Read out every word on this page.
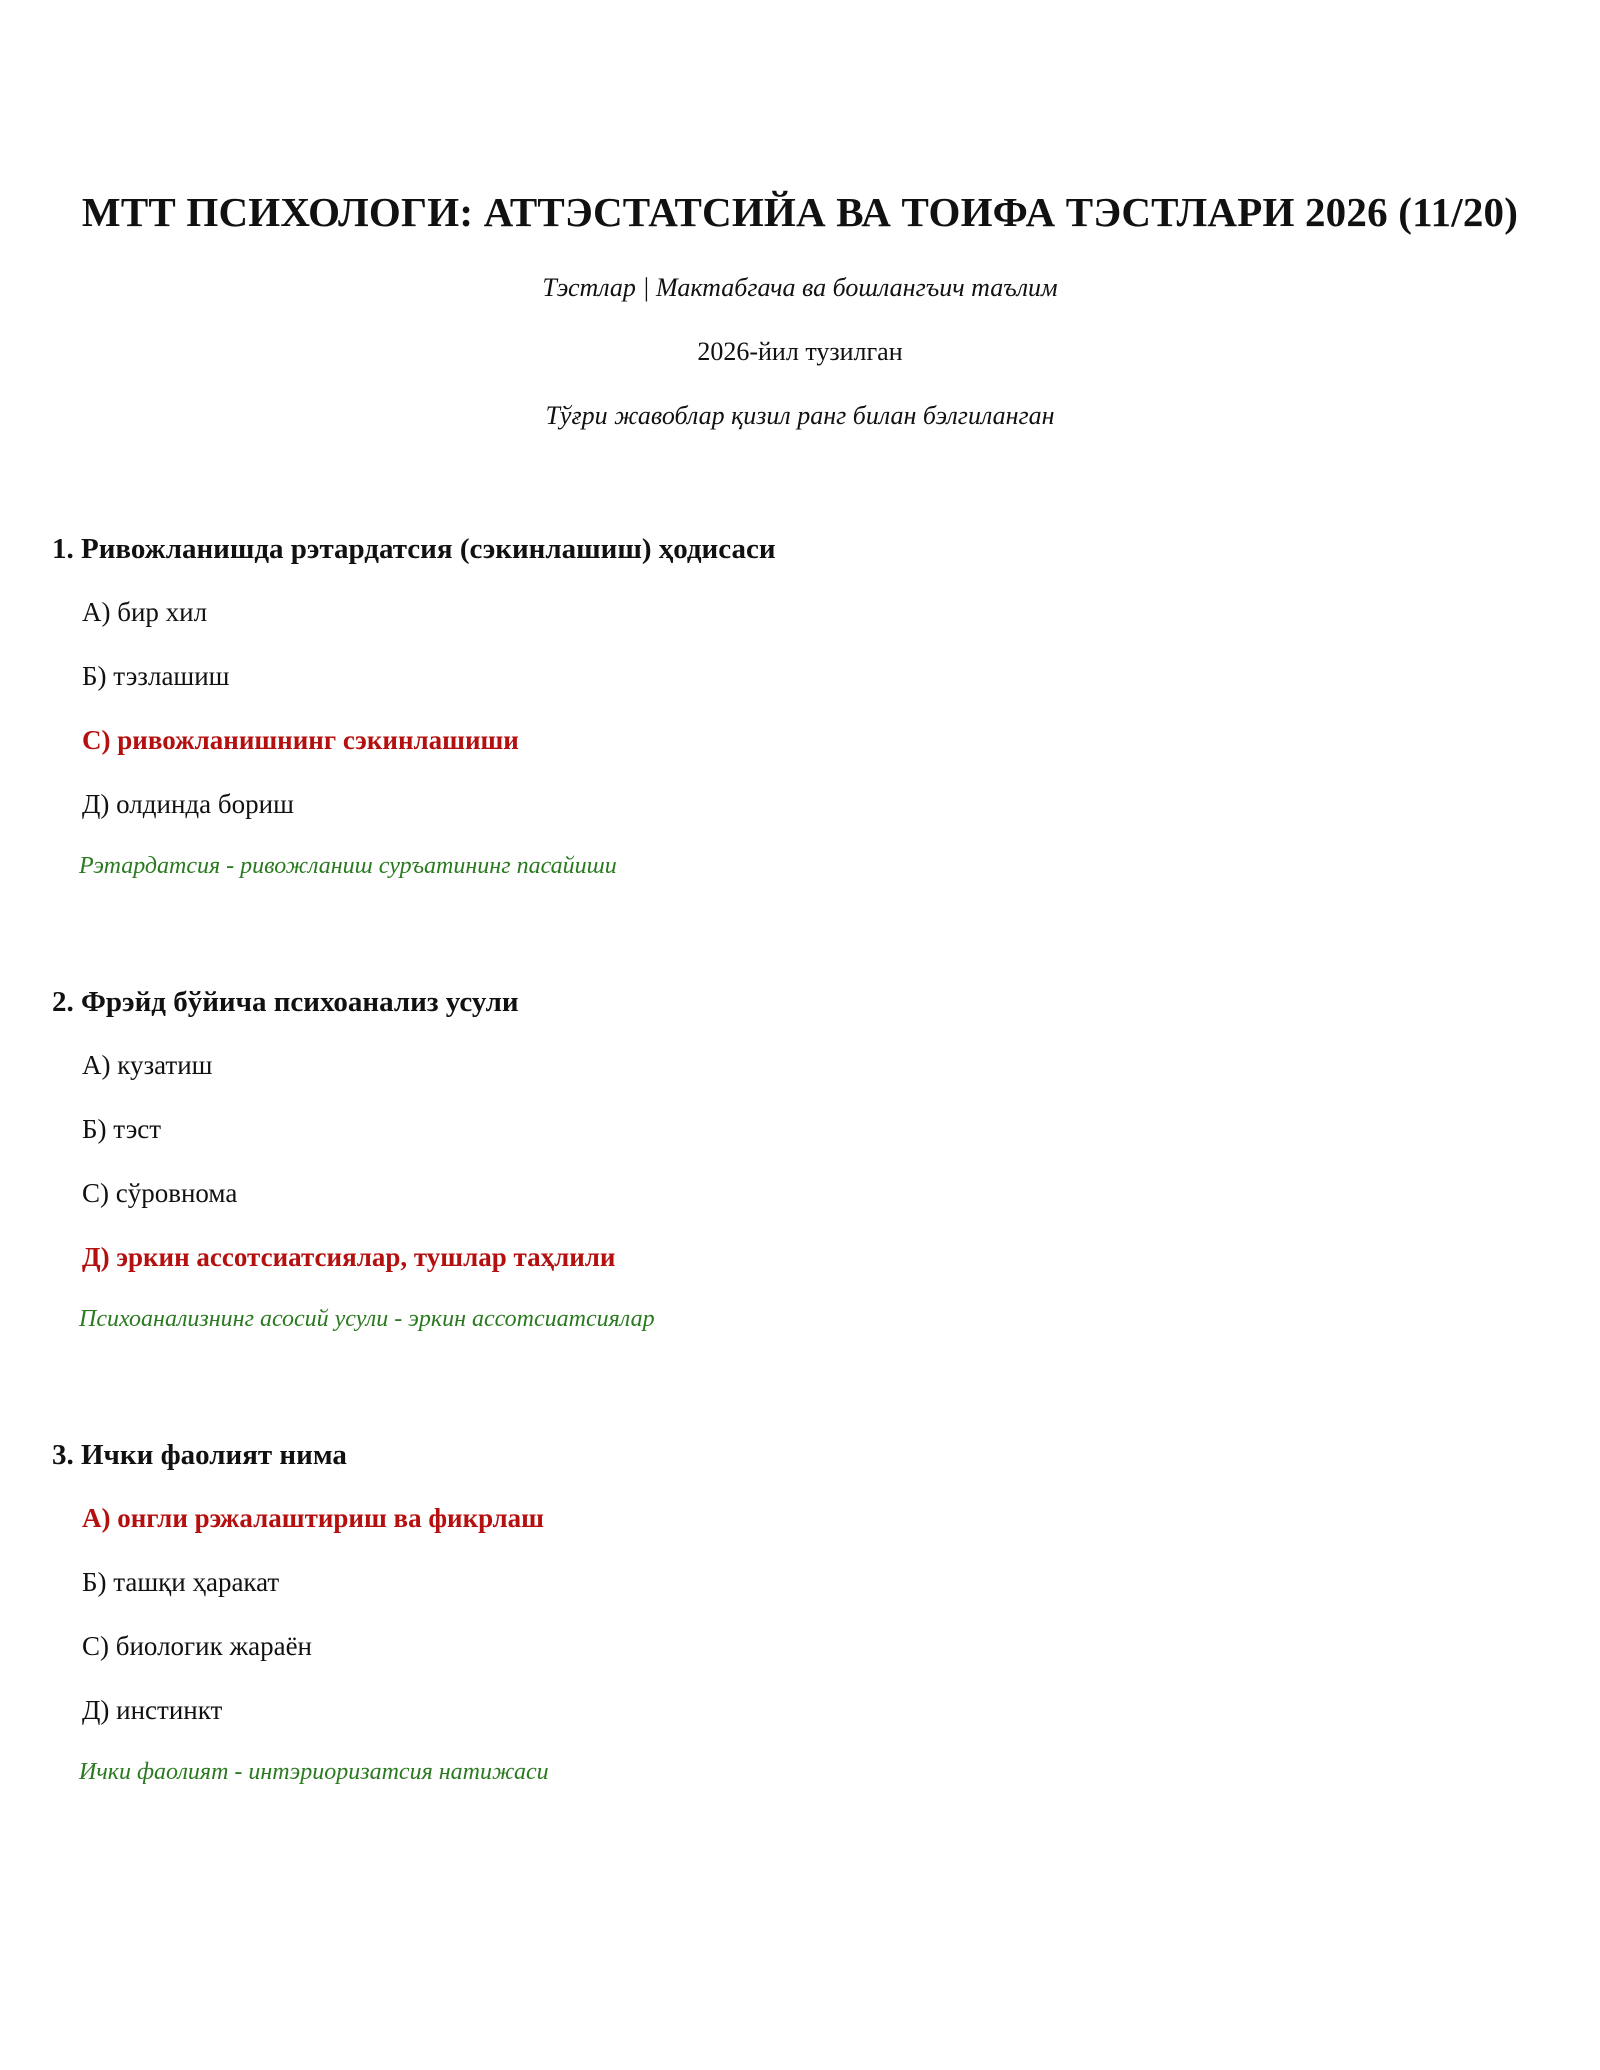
МТТ ПСИХОЛОГИ: АТТЭСТАТСИЙА ВА ТОИФА ТЭСТЛАРИ 2026 (11/20)

Тэстлар | Мактабгача ва бошлангъич таълим

2026-йил тузилган

Тўғри жавоблар қизил ранг билан бэлгиланган

1. Ривожланишда рэтардатсия (сэкинлашиш) ҳодисаси
А) бир хил
Б) тэзлашиш
С) ривожланишнинг сэкинлашиши
Д) олдинда бориш
Рэтардатсия - ривожланиш суръатининг пасайиши
2. Фрэйд бўйича психоанализ усули
А) кузатиш
Б) тэст
С) сўровнома
Д) эркин ассотсиатсиялар, тушлар таҳлили
Психоанализнинг асосий усули - эркин ассотсиатсиялар
3. Ички фаолият нима
А) онгли рэжалаштириш ва фикрлаш
Б) ташқи ҳаракат
С) биологик жараён
Д) инстинкт
Ички фаолият - интэриоризатсия натижаси
